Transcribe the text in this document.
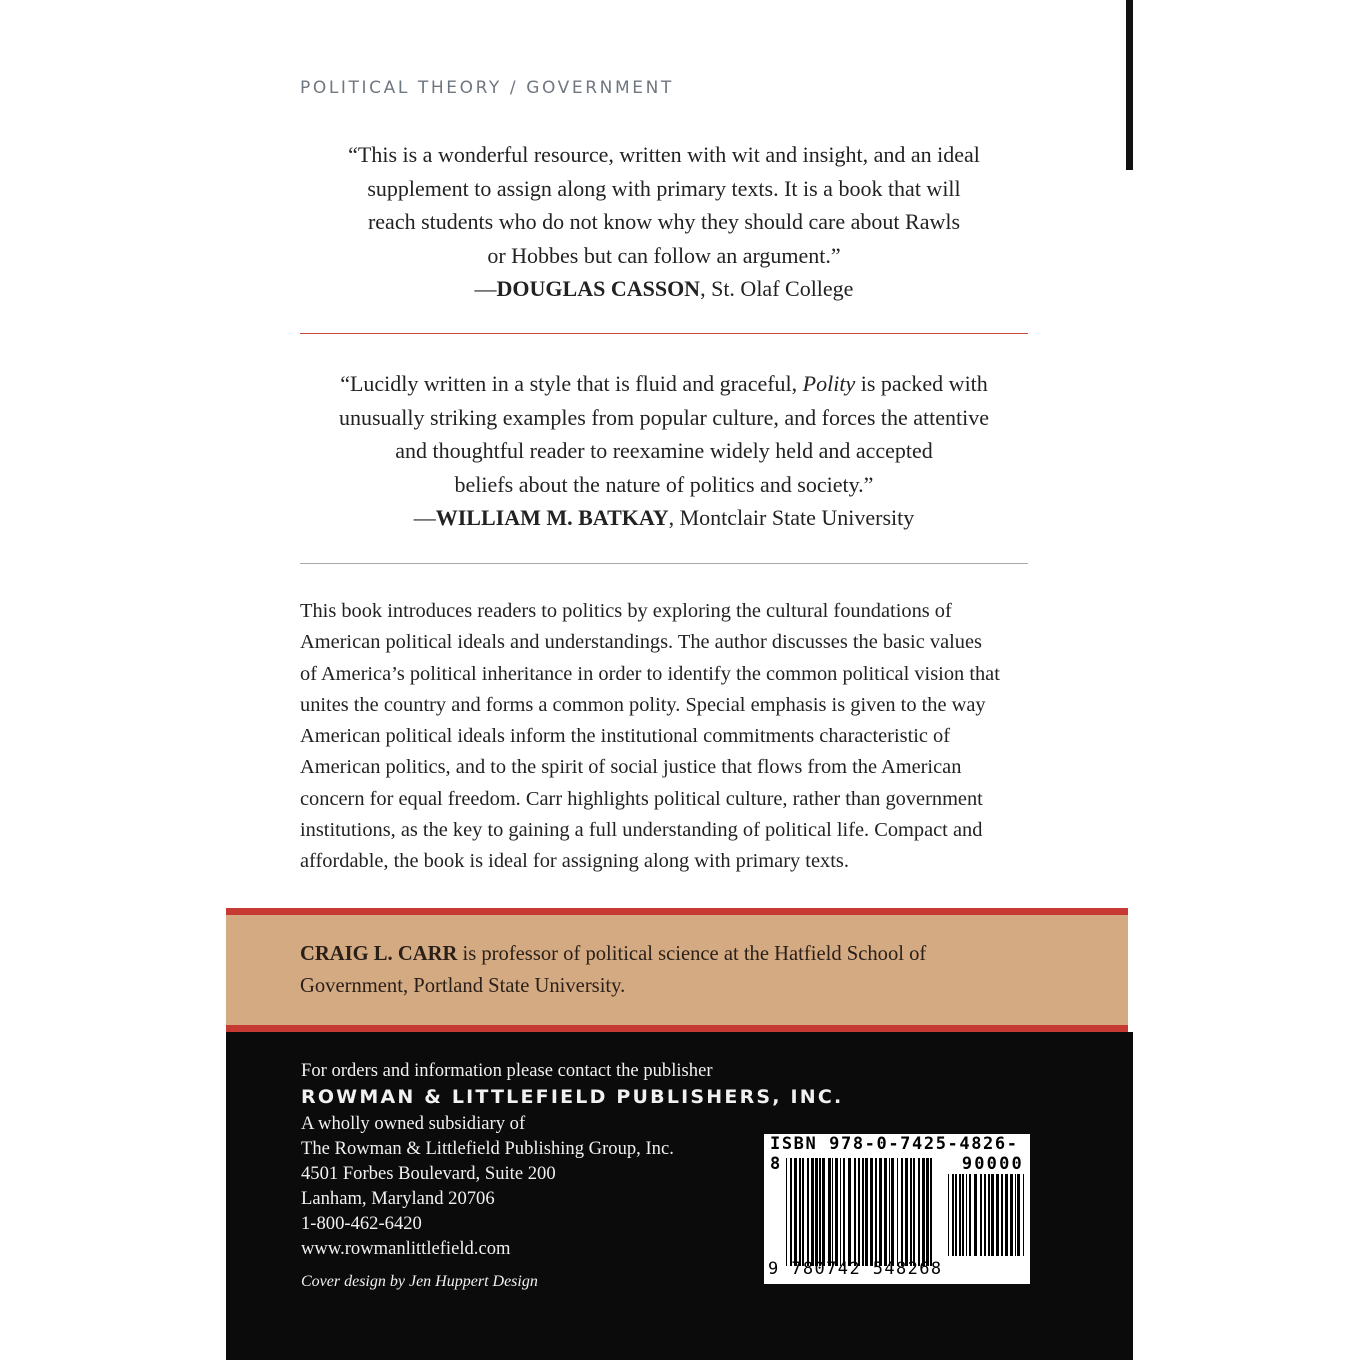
POLITICAL THEORY / GOVERNMENT
“This is a wonderful resource, written with wit and insight, and an ideal
supplement to assign along with primary texts. It is a book that will
reach students who do not know why they should care about Rawls
or Hobbes but can follow an argument.”
—DOUGLAS CASSON, St. Olaf College
“Lucidly written in a style that is fluid and graceful, Polity is packed with
unusually striking examples from popular culture, and forces the attentive
and thoughtful reader to reexamine widely held and accepted
beliefs about the nature of politics and society.”
—WILLIAM M. BATKAY, Montclair State University
This book introduces readers to politics by exploring the cultural foundations of
American political ideals and understandings. The author discusses the basic values
of America’s political inheritance in order to identify the common political vision that
unites the country and forms a common polity. Special emphasis is given to the way
American political ideals inform the institutional commitments characteristic of
American politics, and to the spirit of social justice that flows from the American
concern for equal freedom. Carr highlights political culture, rather than government
institutions, as the key to gaining a full understanding of political life. Compact and
affordable, the book is ideal for assigning along with primary texts.
CRAIG L. CARR is professor of political science at the Hatfield School of
Government, Portland State University.
For orders and information please contact the publisher
ROWMAN & LITTLEFIELD PUBLISHERS, INC.
A wholly owned subsidiary of
The Rowman & Littlefield Publishing Group, Inc.
4501 Forbes Boulevard, Suite 200
Lanham, Maryland 20706
1-800-462-6420
www.rowmanlittlefield.com
Cover design by Jen Huppert Design
ISBN 978-0-7425-4826-8	90000
9 780742 548268
